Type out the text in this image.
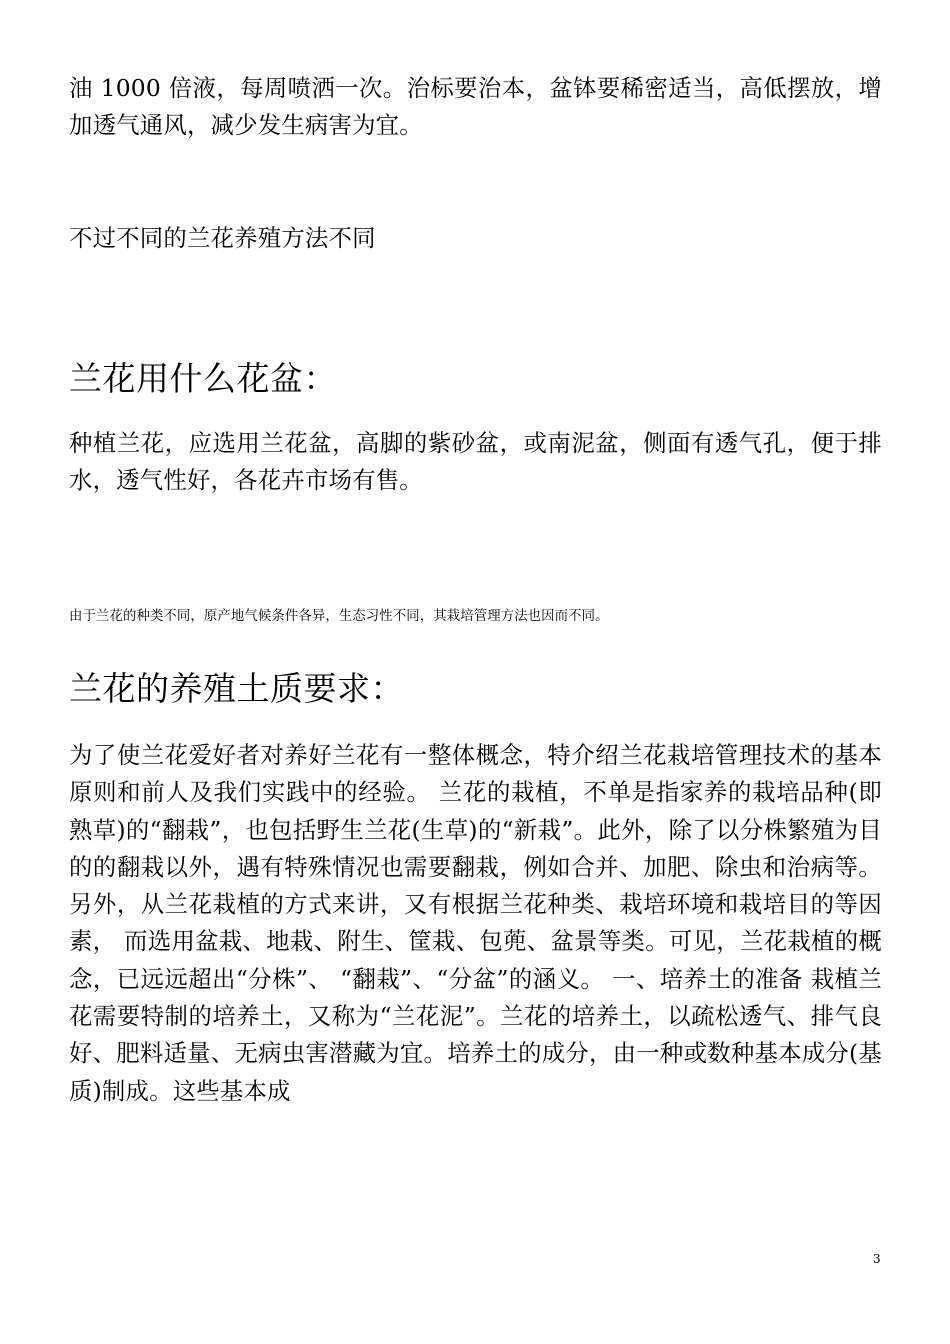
油 1000 倍液，每周喷洒一次。治标要治本，盆钵要稀密适当，高低摆放，增加透气通风，减少发生病害为宜。

不过不同的兰花养殖方法不同

兰花用什么花盆：

种植兰花，应选用兰花盆，高脚的紫砂盆，或南泥盆，侧面有透气孔，便于排水，透气性好，各花卉市场有售。

由于兰花的种类不同，原产地气候条件各异，生态习性不同，其栽培管理方法也因而不同。

兰花的养殖土质要求：

为了使兰花爱好者对养好兰花有一整体概念，特介绍兰花栽培管理技术的基本原则和前人及我们实践中的经验。 兰花的栽植，不单是指家养的栽培品种(即熟草)的“翻栽”，也包括野生兰花(生草)的“新栽”。此外，除了以分株繁殖为目的的翻栽以外，遇有特殊情况也需要翻栽，例如合并、加肥、除虫和治病等。另外，从兰花栽植的方式来讲，又有根据兰花种类、栽培环境和栽培目的等因素， 而选用盆栽、地栽、附生、筐栽、包蔸、盆景等类。可见，兰花栽植的概念，已远远超出“分株”、 “翻栽”、“分盆”的涵义。 一、培养土的准备 栽植兰花需要特制的培养土，又称为“兰花泥”。兰花的培养土，以疏松透气、排气良好、肥料适量、无病虫害潜藏为宜。培养土的成分，由一种或数种基本成分(基质)制成。这些基本成

3
